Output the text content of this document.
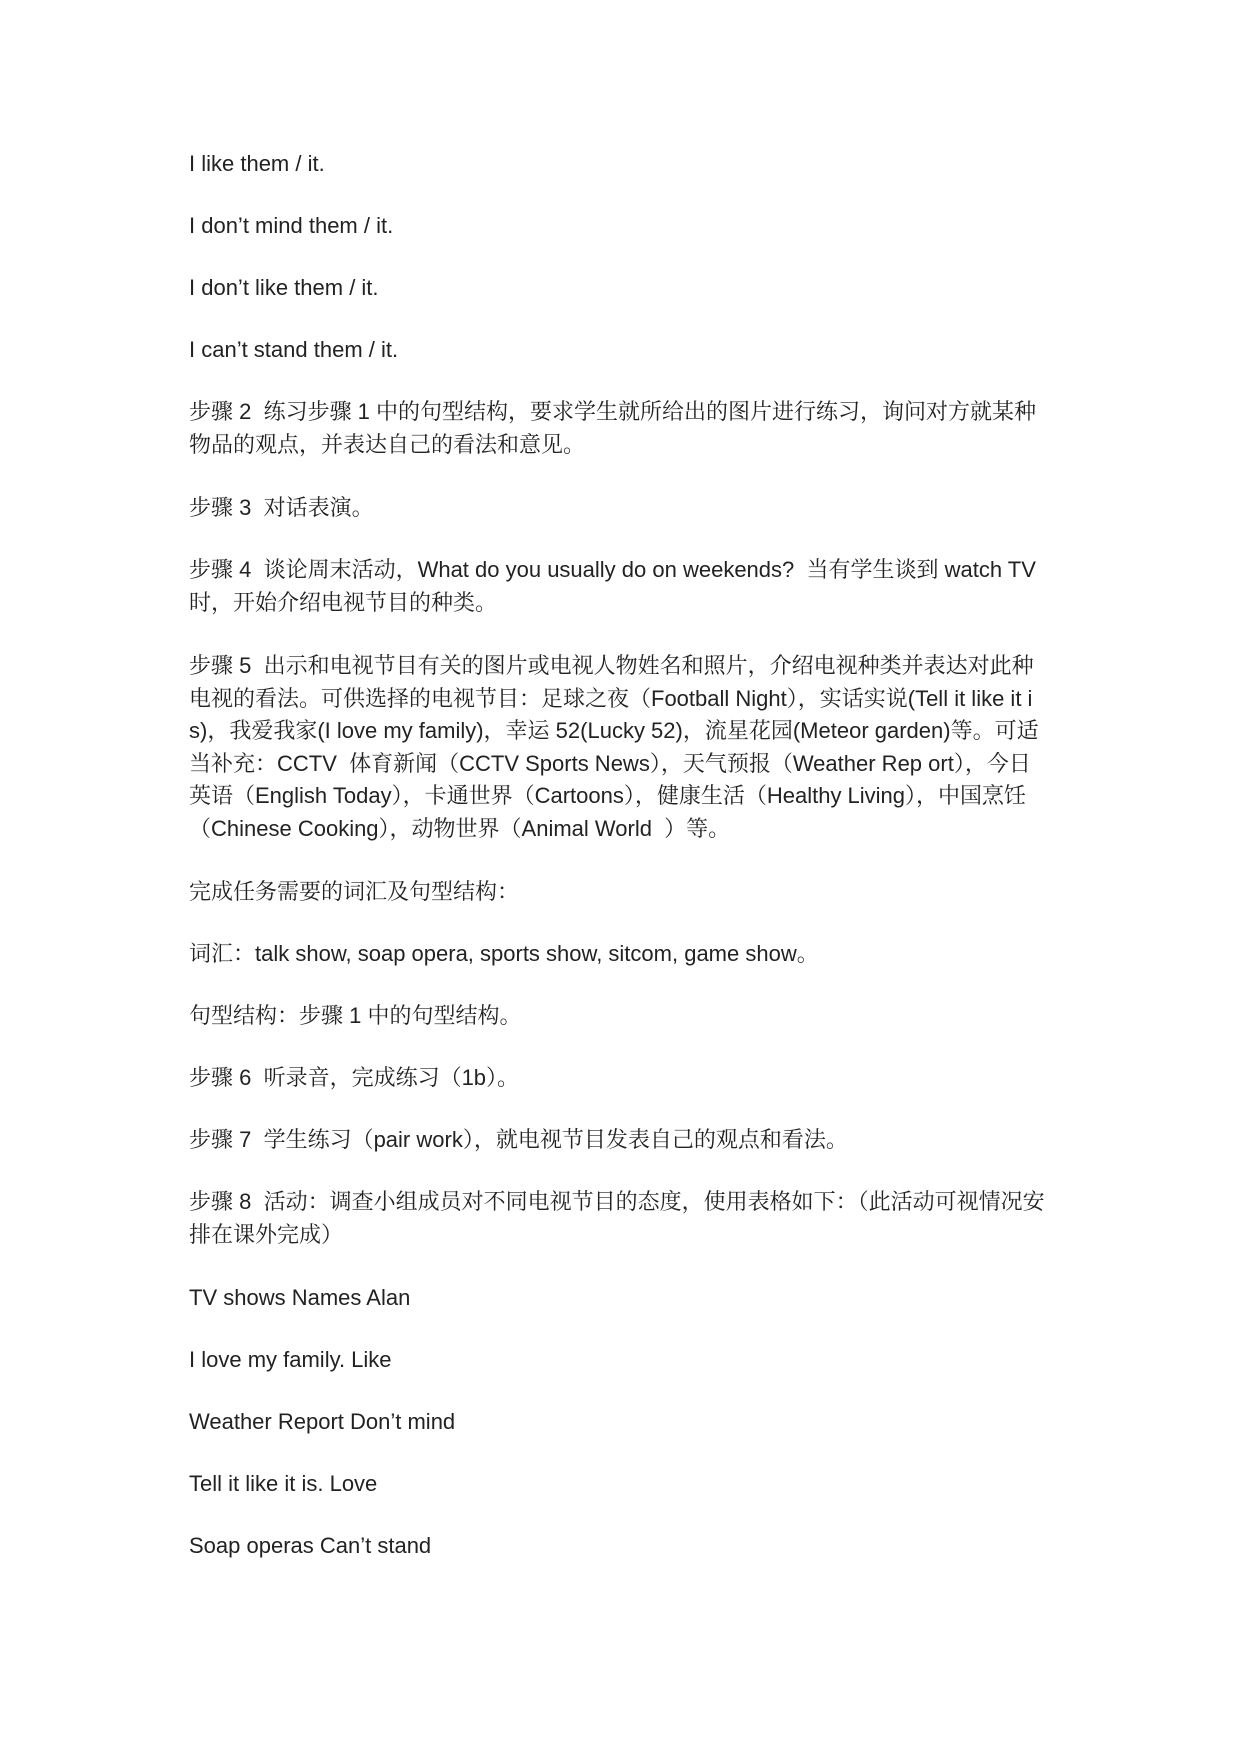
I like them / it.

I don’t mind them / it.

I don’t like them / it.

I can’t stand them / it.

步骤 2  练习步骤 1 中的句型结构，要求学生就所给出的图片进行练习，询问对方就某种物品的观点，并表达自己的看法和意见。

步骤 3  对话表演。

步骤 4  谈论周末活动，What do you usually do on weekends?  当有学生谈到 watch TV 时，开始介绍电视节目的种类。

步骤 5  出示和电视节目有关的图片或电视人物姓名和照片，介绍电视种类并表达对此种电视的看法。可供选择的电视节目：足球之夜（Football Night），实话实说(Tell it like it is)，我爱我家(I love my family)，幸运 52(Lucky 52)，流星花园(Meteor garden)等。可适当补充：CCTV  体育新闻（CCTV Sports News），天气预报（Weather Rep ort），今日英语（English Today），卡通世界（Cartoons），健康生活（Healthy Living），中国烹饪（Chinese Cooking），动物世界（Animal World  ）等。

完成任务需要的词汇及句型结构：

词汇：talk show, soap opera, sports show, sitcom, game show。

句型结构：步骤 1 中的句型结构。

步骤 6  听录音，完成练习（1b）。

步骤 7  学生练习（pair work），就电视节目发表自己的观点和看法。

步骤 8  活动：调查小组成员对不同电视节目的态度，使用表格如下：（此活动可视情况安排在课外完成）

TV shows Names Alan

I love my family. Like

Weather Report Don’t mind

Tell it like it is. Love

Soap operas Can’t stand
